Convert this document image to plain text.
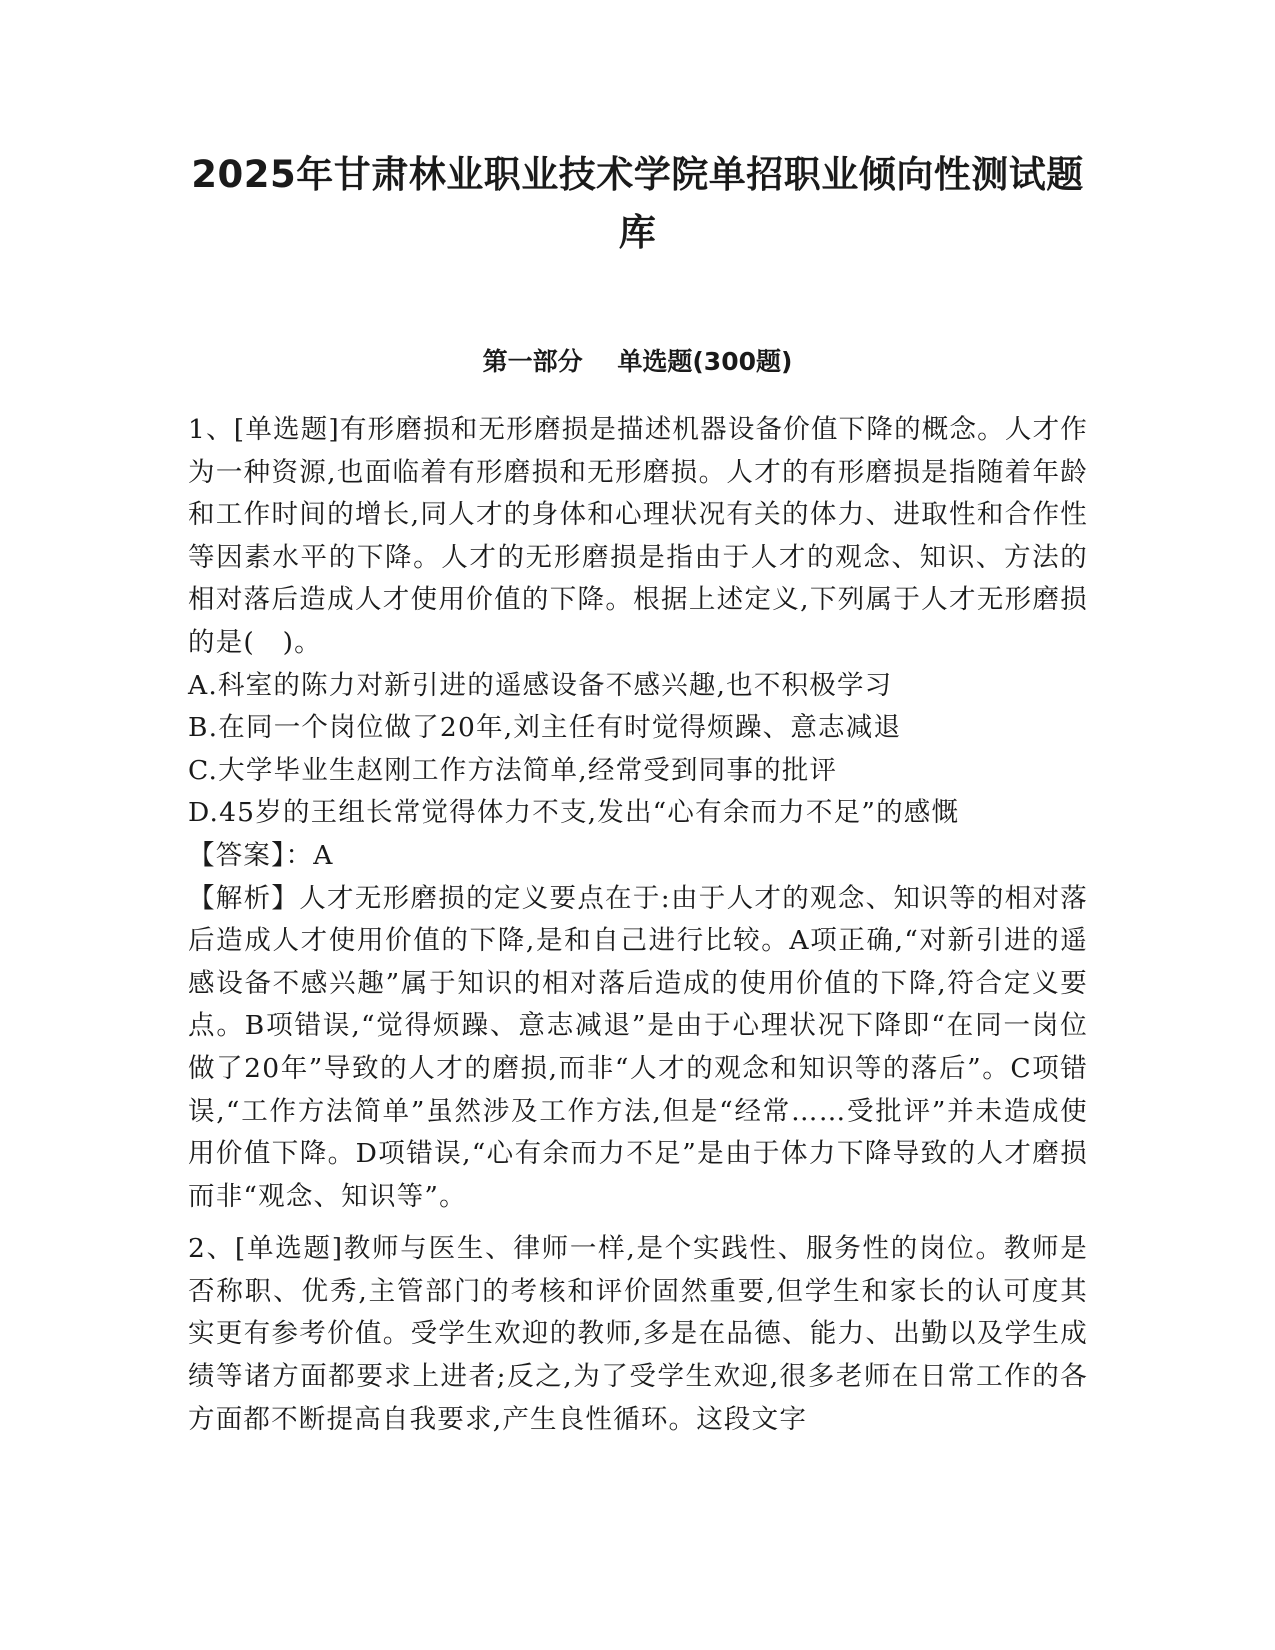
2025年甘肃林业职业技术学院单招职业倾向性测试题
库
第一部分    单选题(300题)

1、[单选题]有形磨损和无形磨损是描述机器设备价值下降的概念。人才作为一种资源,也面临着有形磨损和无形磨损。人才的有形磨损是指随着年龄和工作时间的增长,同人才的身体和心理状况有关的体力、进取性和合作性等因素水平的下降。人才的无形磨损是指由于人才的观念、知识、方法的相对落后造成人才使用价值的下降。根据上述定义,下列属于人才无形磨损的是(　)。

A.科室的陈力对新引进的遥感设备不感兴趣,也不积极学习

B.在同一个岗位做了20年,刘主任有时觉得烦躁、意志减退

C.大学毕业生赵刚工作方法简单,经常受到同事的批评

D.45岁的王组长常觉得体力不支,发出“心有余而力不足”的感慨

【答案】：A

【解析】人才无形磨损的定义要点在于:由于人才的观念、知识等的相对落后造成人才使用价值的下降,是和自己进行比较。A项正确,“对新引进的遥感设备不感兴趣”属于知识的相对落后造成的使用价值的下降,符合定义要点。B项错误,“觉得烦躁、意志减退”是由于心理状况下降即“在同一岗位做了20年”导致的人才的磨损,而非“人才的观念和知识等的落后”。C项错误,“工作方法简单”虽然涉及工作方法,但是“经常……受批评”并未造成使用价值下降。D项错误,“心有余而力不足”是由于体力下降导致的人才磨损而非“观念、知识等”。

2、[单选题]教师与医生、律师一样,是个实践性、服务性的岗位。教师是否称职、优秀,主管部门的考核和评价固然重要,但学生和家长的认可度其实更有参考价值。受学生欢迎的教师,多是在品德、能力、出勤以及学生成绩等诸方面都要求上进者;反之,为了受学生欢迎,很多老师在日常工作的各方面都不断提高自我要求,产生良性循环。这段文字
